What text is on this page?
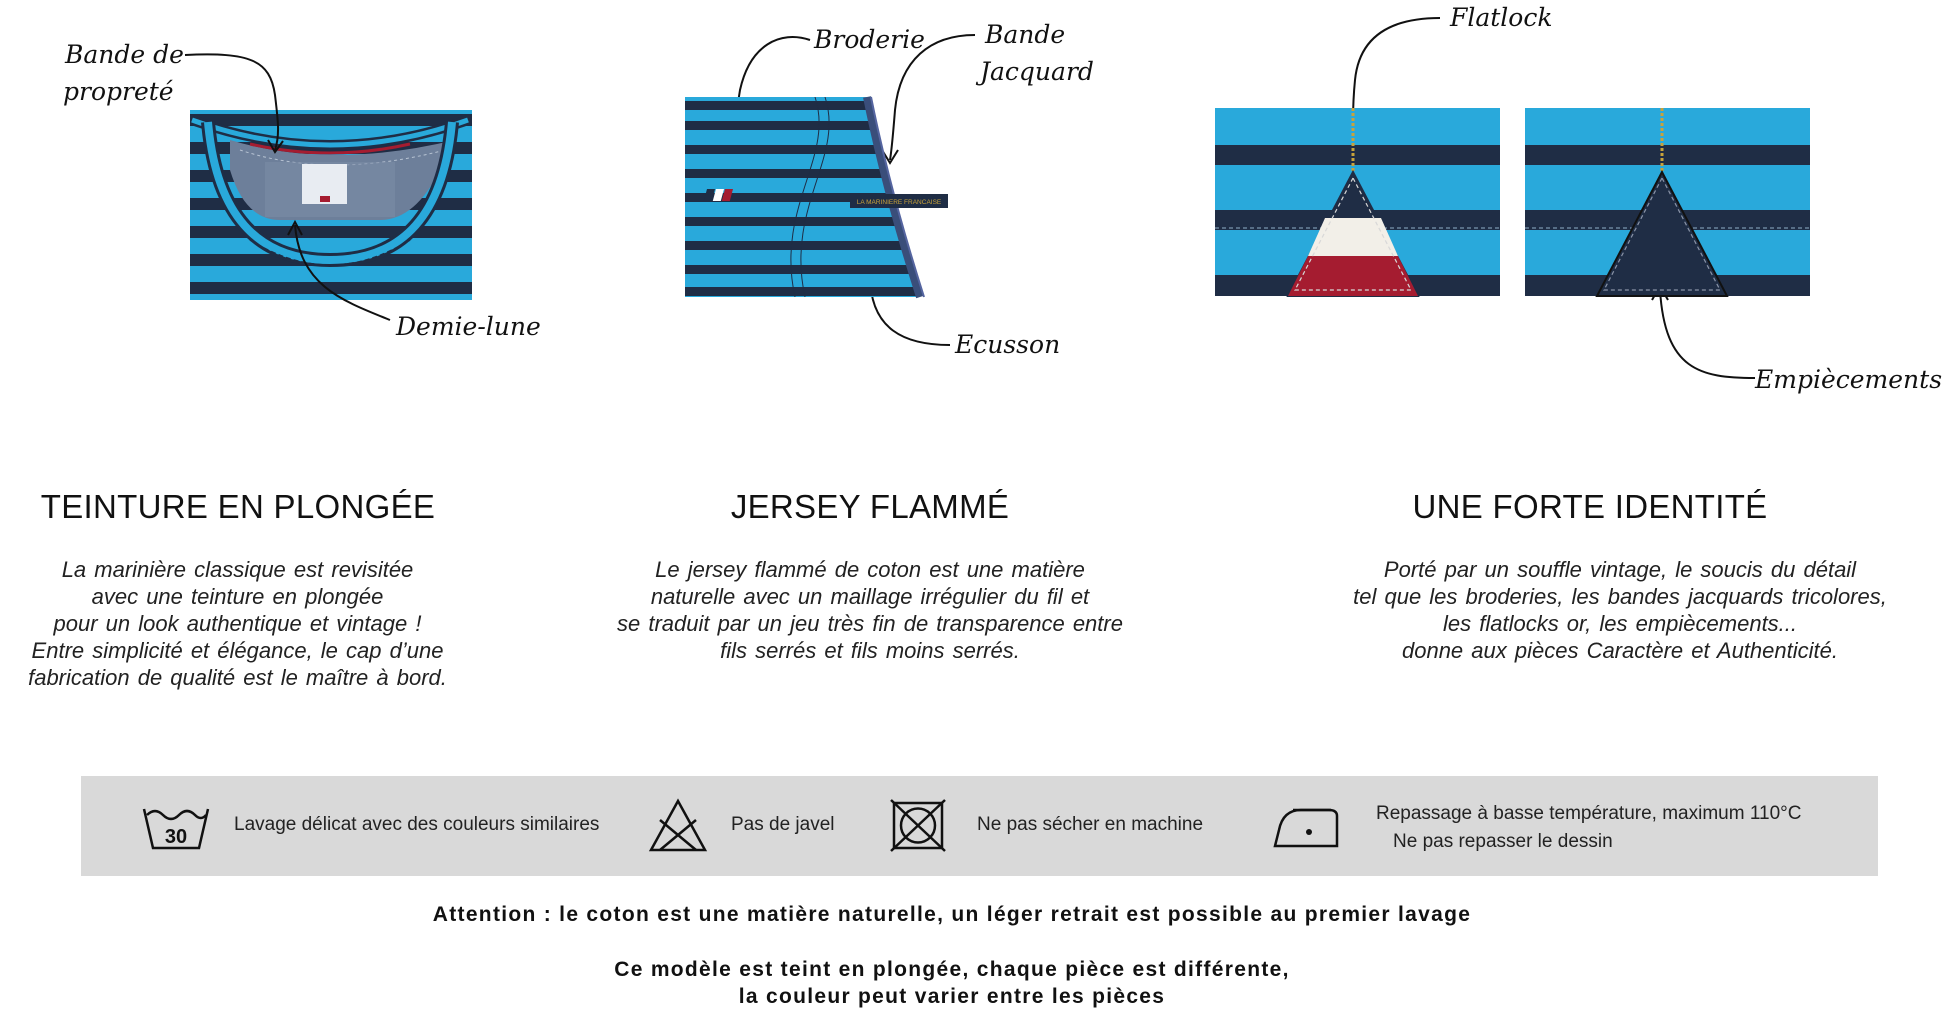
Bande de
propreté
Demie-lune
LA MARINIERE FRANCAISE
Broderie Bande
Jacquard
Ecusson
Flatlock
Empiècements
TEINTURE EN PLONGÉE
La marinière classique est revisitée
avec une teinture en plongée
pour un look authentique et vintage !
Entre simplicité et élégance, le cap d’une
fabrication de qualité est le maître à bord.
JERSEY FLAMMÉ
Le jersey flammé de coton est une matière
naturelle avec un maillage irrégulier du fil et
se traduit par un jeu très fin de transparence entre
fils serrés et fils moins serrés.
UNE FORTE IDENTITÉ
Porté par un souffle vintage, le soucis du détail
tel que les broderies, les bandes jacquards tricolores,
les flatlocks or, les empiècements...
donne aux pièces Caractère et Authenticité.
30
Lavage délicat avec des couleurs similaires	Pas de javel	Ne pas sécher en machine
Repassage à basse température, maximum 110°C
Ne pas repasser le dessin
Attention : le coton est une matière naturelle, un léger retrait est possible au premier lavage
Ce modèle est teint en plongée, chaque pièce est différente,
la couleur peut varier entre les pièces
